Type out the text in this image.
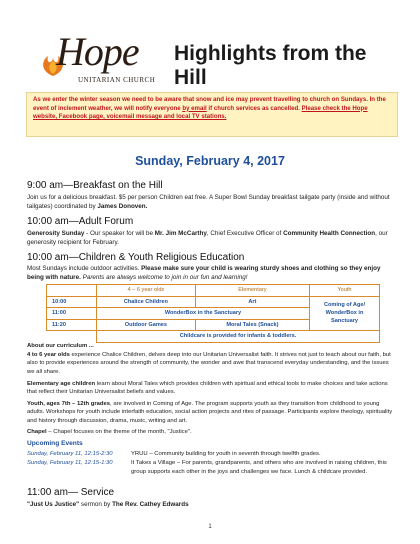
Hope
UNITARIAN CHURCH
Highlights from the Hill
As we enter the winter season we need to be aware that snow and ice may prevent travelling to church on Sundays. In the event of inclement weather, we will notify everyone by email if church services as cancelled. Please check the Hope website, Facebook page, voicemail message and local TV stations.
Sunday, February 4, 2017
9:00 am—Breakfast on the Hill
Join us for a delicious breakfast. $5 per person Children eat free. A Super Bowl Sunday breakfast tailgate party (inside and without tailgates) coordinated by James Donoven.
10:00 am—Adult Forum
Generosity Sunday - Our speaker for will be Mr. Jim McCarthy, Chief Executive Officer of Community Health Connection, our generosity recipient for February.
10:00 am—Children & Youth Religious Education
Most Sundays include outdoor activities. Please make sure your child is wearing sturdy shoes and clothing so they enjoy being with nature. Parents are always welcome to join in our fun and learning!
	4 – 6 year olds	Elementary	Youth
10:00	Chalice Children	Art	Coming of Age/ WonderBox in Sanctuary
11:00	WonderBox in the Sanctuary		
11:20	Outdoor Games	Moral Tales (Snack)	
	Childcare is provided for infants & toddlers.		
About our curriculum ...
4 to 6 year olds experience Chalice Children, delves deep into our Unitarian Universalist faith. It strives not just to teach about our faith, but also to provide experiences around the strength of community, the wonder and awe that transcend everyday understanding, and the issues we all share.
Elementary age children learn about Moral Tales which provides children with spiritual and ethical tools to make choices and take actions that reflect their Unitarian Universalist beliefs and values.
Youth, ages 7th – 12th grades, are involved in Coming of Age. The program supports youth as they transition from childhood to young adults. Workshops for youth include interfaith education, social action projects and rites of passage. Participants explore theology, spirituality and history through discussion, drama, music, writing and art.
Chapel – Chapel focuses on the theme of the month, "Justice".
Upcoming Events
Sunday, February 11, 12:15-2:30	YRUU – Community building for youth in seventh through twelfth grades.
Sunday, February 11, 12:15-1:30	It Takes a Village – For parents, grandparents, and others who are involved in raising children, this group supports each other in the joys and challenges we face. Lunch & childcare provided.
11:00 am— Service
"Just Us Justice" sermon by The Rev. Cathey Edwards
1
